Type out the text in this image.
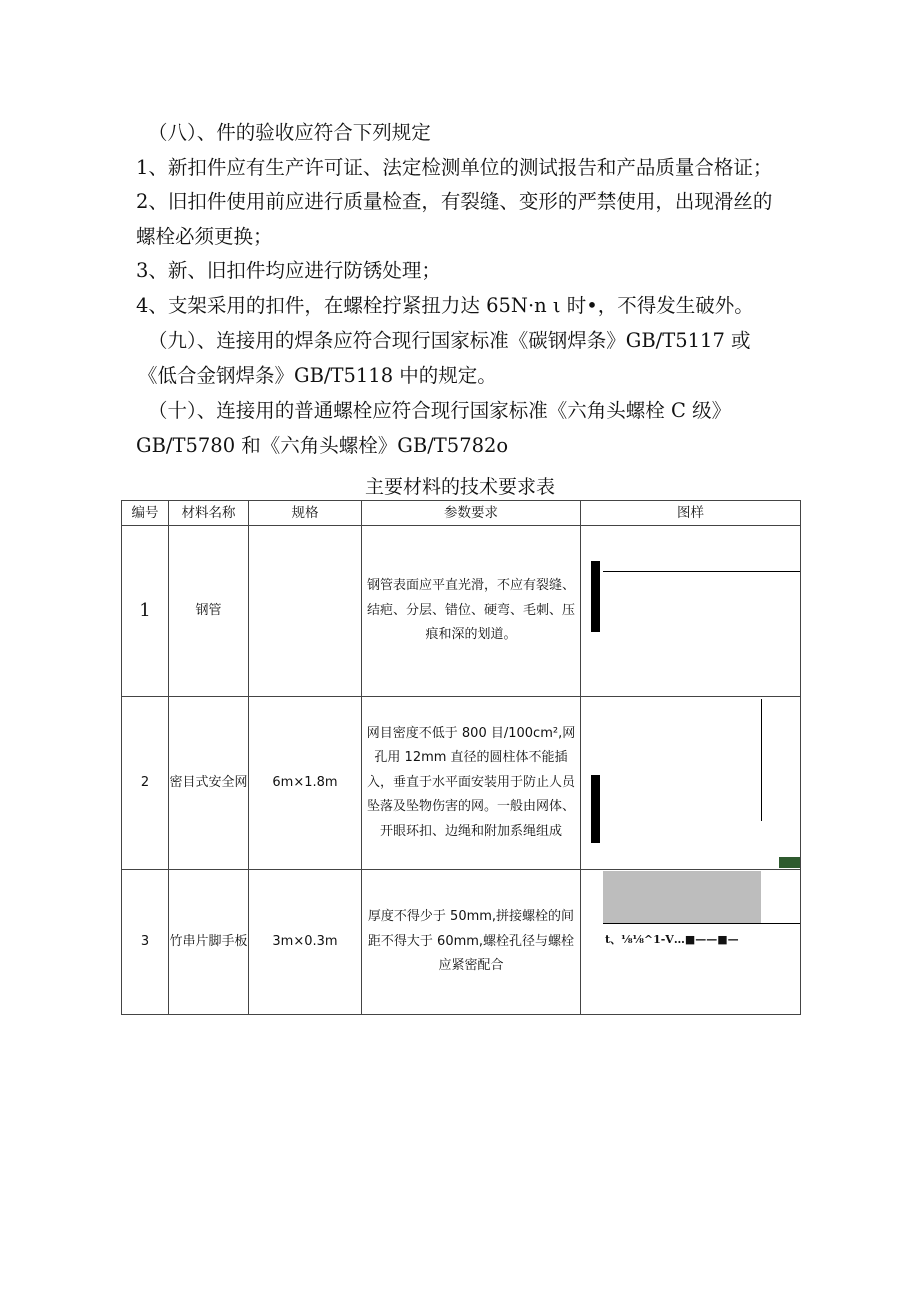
（八）、件的验收应符合下列规定

1、新扣件应有生产许可证、法定检测单位的测试报告和产品质量合格证；

2、旧扣件使用前应进行质量检查，有裂缝、变形的严禁使用，出现滑丝的

螺栓必须更换；

3、新、旧扣件均应进行防锈处理；

4、支架采用的扣件，在螺栓拧紧扭力达 65N·n ι 时•，不得发生破外。

（九）、连接用的焊条应符合现行国家标准《碳钢焊条》GB/T5117 或

《低合金钢焊条》GB/T5118 中的规定。

（十）、连接用的普通螺栓应符合现行国家标准《六角头螺栓 C 级》

GB/T5780 和《六角头螺栓》GB/T5782o

主要材料的技术要求表
编号	材料名称	规格	参数要求	图样
1	钢管		钢管表面应平直光滑，不应有裂缝、结疤、分层、错位、硬弯、毛刺、压痕和深的划道。	

2	密目式安全网	6m×1.8m	网目密度不低于 800 目/100cm²,网孔用 12mm 直径的圆柱体不能插入，垂直于水平面安装用于防止人员坠落及坠物伤害的网。一般由网体、开眼环扣、边绳和附加系绳组成	

3	竹串片脚手板	3m×0.3m	厚度不得少于 50mm,拼接螺栓的间距不得大于 60mm,螺栓孔径与螺栓应紧密配合	t、⅛⅛^1-V…■——■—
